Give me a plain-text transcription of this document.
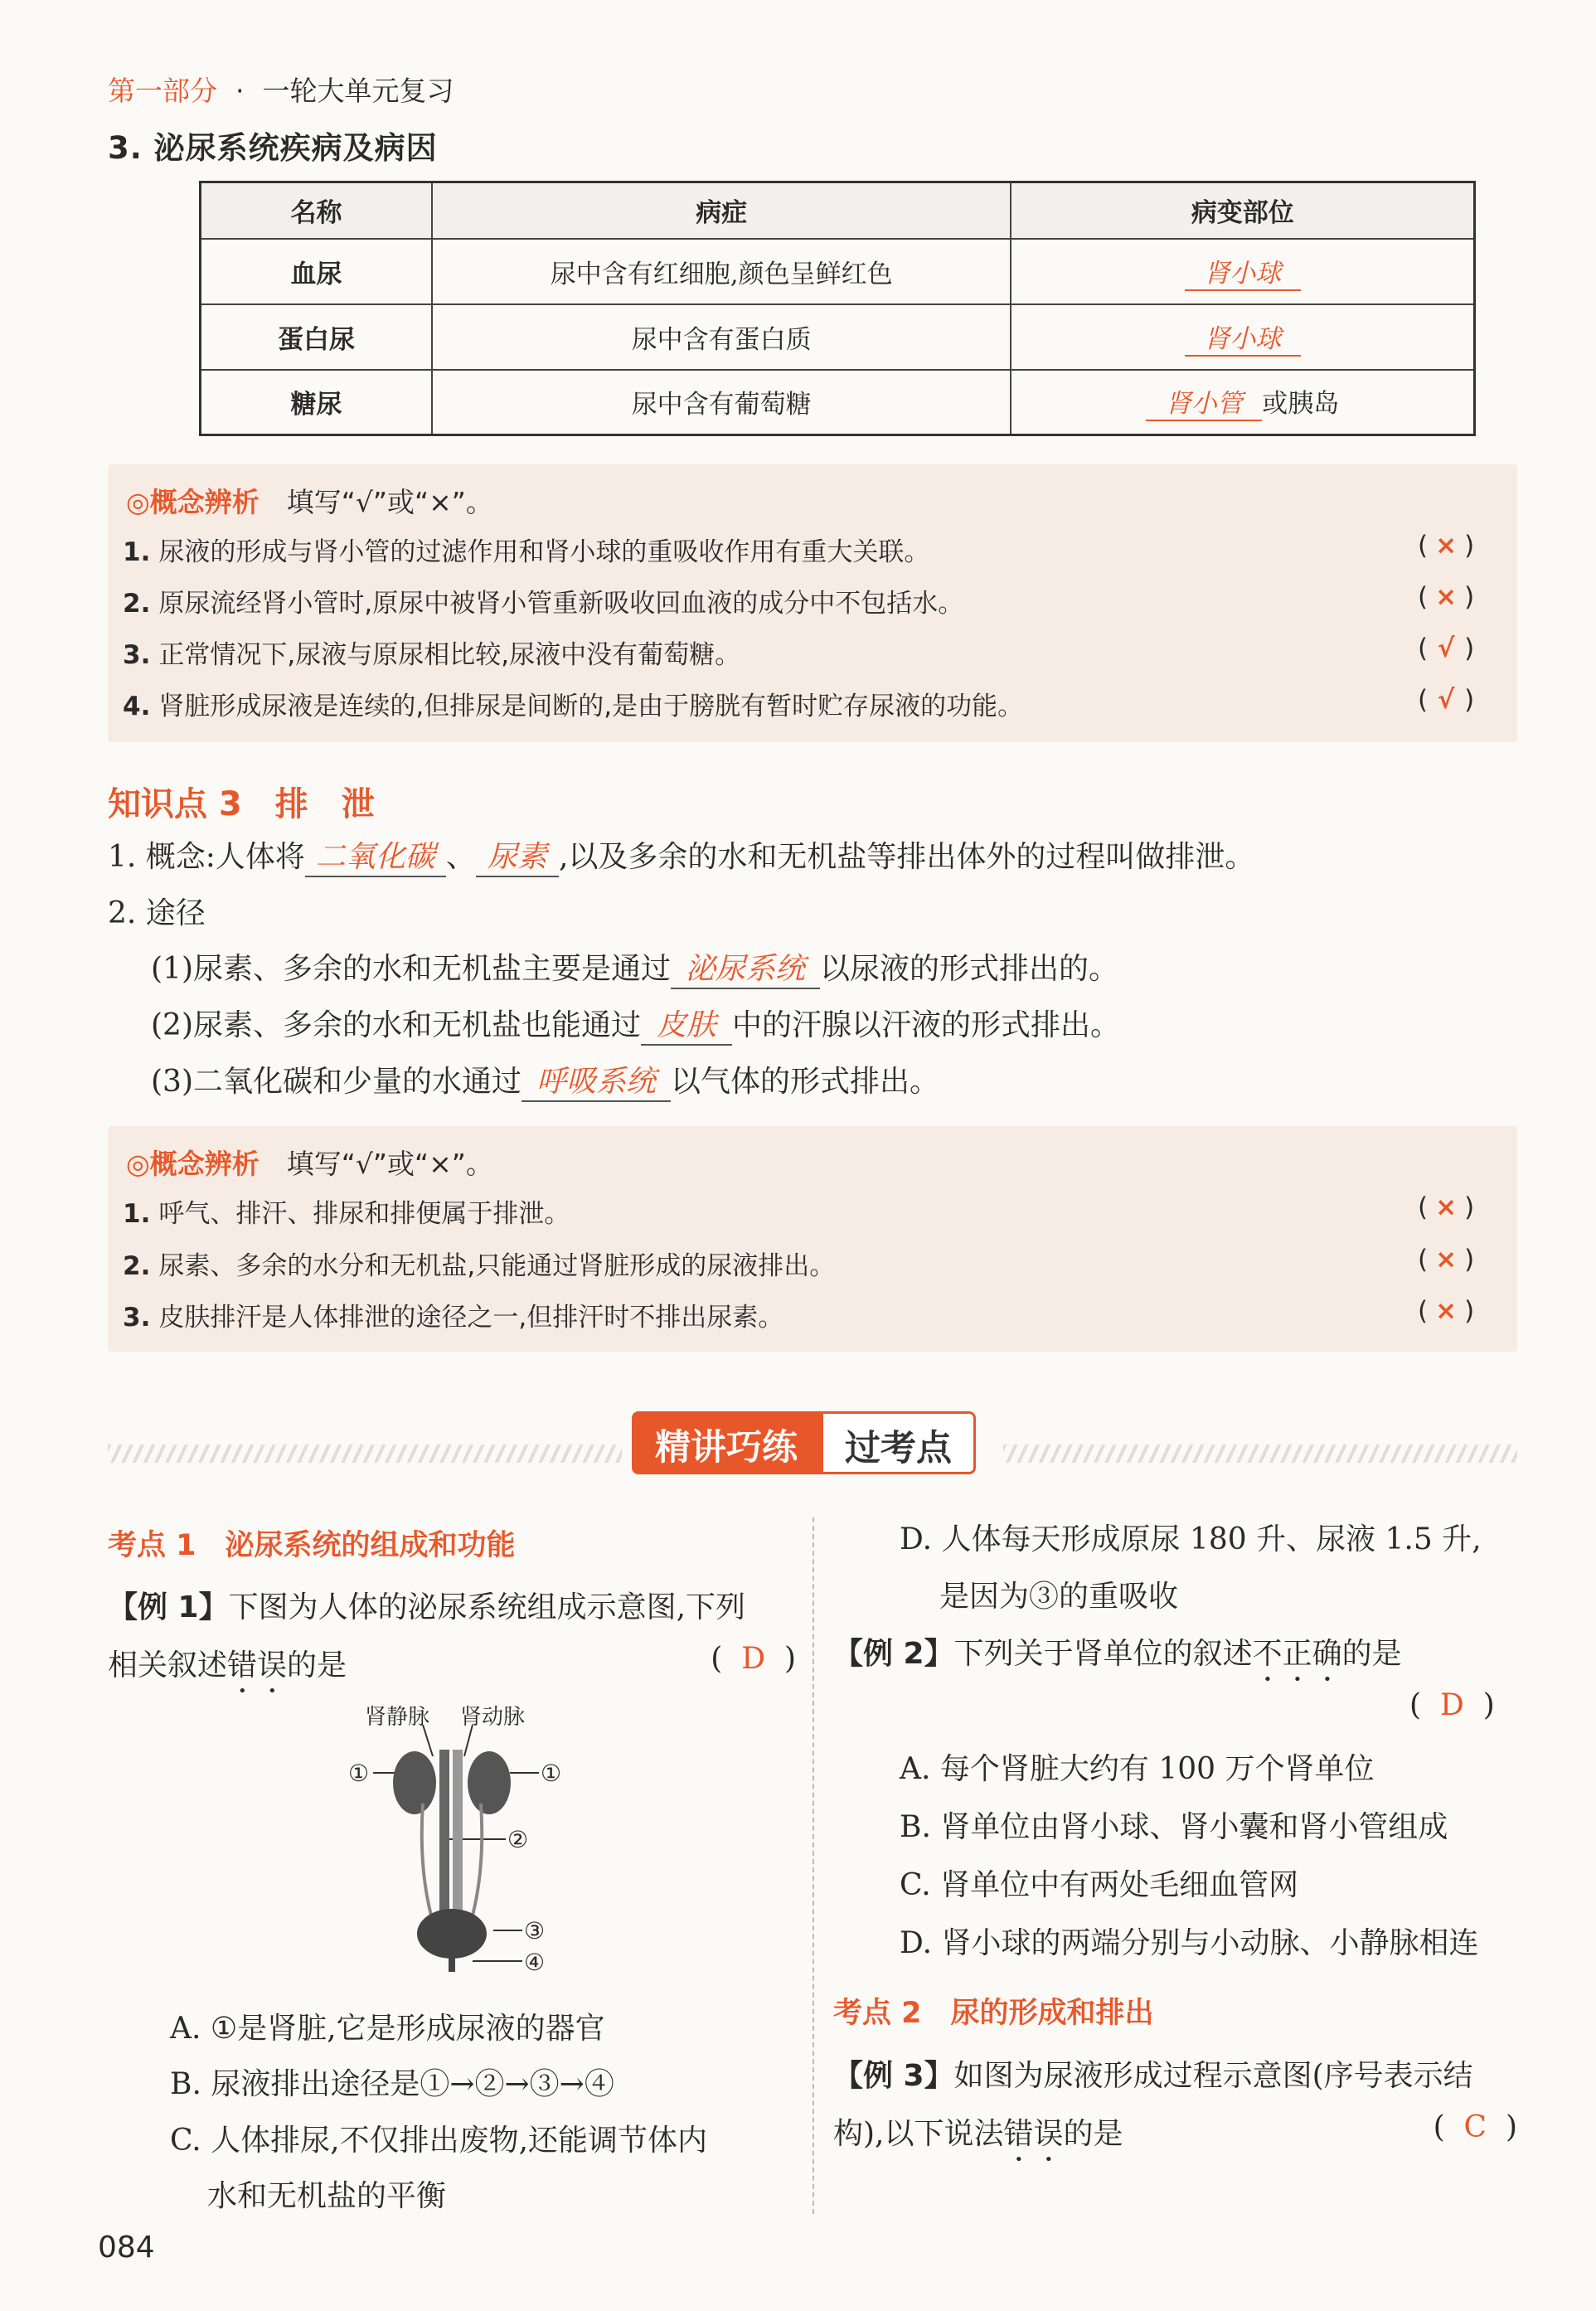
第一部分 · 一轮大单元复习
3. 泌尿系统疾病及病因
名称	病症	病变部位
血尿	尿中含有红细胞,颜色呈鲜红色	肾小球
蛋白尿	尿中含有蛋白质	肾小球
糖尿	尿中含有葡萄糖	肾小管 或胰岛
◎概念辨析　 填写“√”或“×”。
1. 尿液的形成与肾小管的过滤作用和肾小球的重吸收作用有重大关联。	( × )
2. 原尿流经肾小管时,原尿中被肾小管重新吸收回血液的成分中不包括水。	( × )
3. 正常情况下,尿液与原尿相比较,尿液中没有葡萄糖。	( √ )
4. 肾脏形成尿液是连续的,但排尿是间断的,是由于膀胱有暂时贮存尿液的功能。	( √ )
知识点 3 排　泄
1. 概念:人体将 二氧化碳 、 尿素 ,以及多余的水和无机盐等排出体外的过程叫做排泄。
2. 途径
(1)尿素、多余的水和无机盐主要是通过 泌尿系统 以尿液的形式排出的。
(2)尿素、多余的水和无机盐也能通过 皮肤 中的汗腺以汗液的形式排出。
(3)二氧化碳和少量的水通过 呼吸系统 以气体的形式排出。
◎概念辨析　 填写“√”或“×”。
1. 呼气、排汗、排尿和排便属于排泄。	( × )
2. 尿素、多余的水分和无机盐,只能通过肾脏形成的尿液排出。	( × )
3. 皮肤排汗是人体排泄的途径之一,但排汗时不排出尿素。	( × )
精讲巧练	过考点
考点 1　泌尿系统的组成和功能
【例 1】下图为人体的泌尿系统组成示意图,下列
相关叙述错误的是	( D )
肾静脉 肾动脉
①	①
②
③
④
A. ①是肾脏,它是形成尿液的器官
B. 尿液排出途径是①→②→③→④
C. 人体排尿,不仅排出废物,还能调节体内
水和无机盐的平衡
D. 人体每天形成原尿 180 升、尿液 1.5 升,
是因为③的重吸收
【例 2】下列关于肾单位的叙述不正确的是
( D )
A. 每个肾脏大约有 100 万个肾单位
B. 肾单位由肾小球、肾小囊和肾小管组成
C. 肾单位中有两处毛细血管网
D. 肾小球的两端分别与小动脉、小静脉相连
考点 2　尿的形成和排出
【例 3】如图为尿液形成过程示意图(序号表示结
构),以下说法错误的是	( C )
084
